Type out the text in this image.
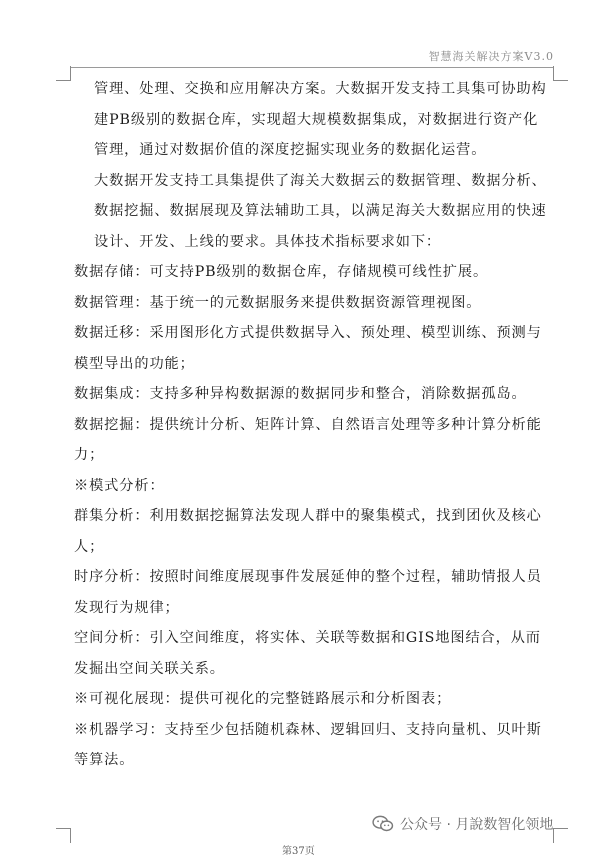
智慧海关解决方案V3.0

管理、处理、交换和应用解决方案。大数据开发支持工具集可协助构建PB级别的数据仓库，实现超大规模数据集成，对数据进行资产化管理，通过对数据价值的深度挖掘实现业务的数据化运营。

大数据开发支持工具集提供了海关大数据云的数据管理、数据分析、数据挖掘、数据展现及算法辅助工具，以满足海关大数据应用的快速设计、开发、上线的要求。具体技术指标要求如下：

数据存储：可支持PB级别的数据仓库，存储规模可线性扩展。

数据管理：基于统一的元数据服务来提供数据资源管理视图。

数据迁移：采用图形化方式提供数据导入、预处理、模型训练、预测与模型导出的功能；

数据集成：支持多种异构数据源的数据同步和整合，消除数据孤岛。

数据挖掘：提供统计分析、矩阵计算、自然语言处理等多种计算分析能力；

※模式分析：

群集分析：利用数据挖掘算法发现人群中的聚集模式，找到团伙及核心人；

时序分析：按照时间维度展现事件发展延伸的整个过程，辅助情报人员发现行为规律；

空间分析：引入空间维度，将实体、关联等数据和GIS地图结合，从而发掘出空间关联关系。

※可视化展现：提供可视化的完整链路展示和分析图表；

※机器学习：支持至少包括随机森林、逻辑回归、支持向量机、贝叶斯等算法。

第37页
公众号 · 月說数智化领地
